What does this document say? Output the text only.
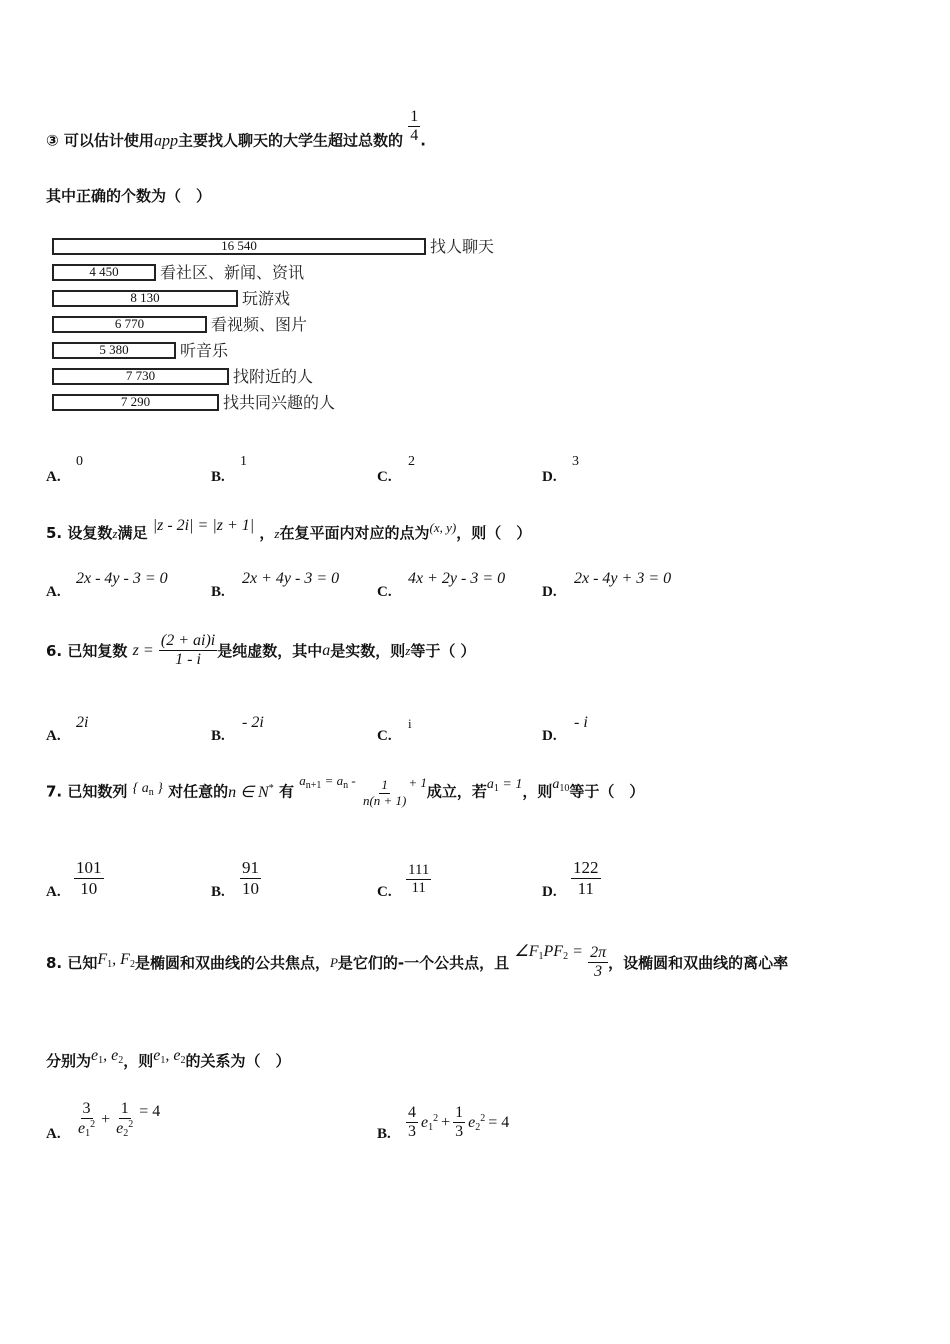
③ 可以估计使用app主要找人聊天的大学生超过总数的 $\frac{1}{4}$ .
其中正确的个数为（　）
16 540	找人聊天
4 450	看社区、新闻、资讯
8 130	玩游戏
6 770	看视频、图片
5 380	听音乐
7 730	找附近的人
7 290	找共同兴趣的人
A.
0
B.
1
C.
2
D.
3
5. 设复数z满足 |z - 2i| = |z + 1| ，z在复平面内对应的点为(x, y)，则（　）
A.
2x - 4y - 3 = 0
B.
2x + 4y - 3 = 0
C.
4x + 2y - 3 = 0
D.
2x - 4y + 3 = 0
6. 已知复数 $z = \frac{(2 + ai)i}{1 - i}$ 是纯虚数，其中a是实数，则z等于（ ）
A.
2i
B.
- 2i
C.
i
D.
- i
7. 已知数列 { $a_n$ } 对任意的n ∈ N* 有 $a_{n+1} = a_n - \frac{1}{n(n + 1)} + 1$成立，若$a_1 = 1$，则$a_{10}$等于（　）
A. $\frac{101}{10}$	B. $\frac{91}{10}$	C. $\frac{111}{11}$	D. $\frac{122}{11}$
8. 已知$F_1$, $F_2$是椭圆和双曲线的公共焦点，P是它们的-一个公共点，且 $\angle F_1PF_2 = \frac{2\pi}{3}$ ，设椭圆和双曲线的离心率
分别为$e_1$, $e_2$，则$e_1$, $e_2$的关系为（　）
A. $\frac{3}{e_1^2} + \frac{1}{e_2^2} = 4$
B. $\frac{4}{3} e_1^2 + \frac{1}{3} e_2^2 = 4$
